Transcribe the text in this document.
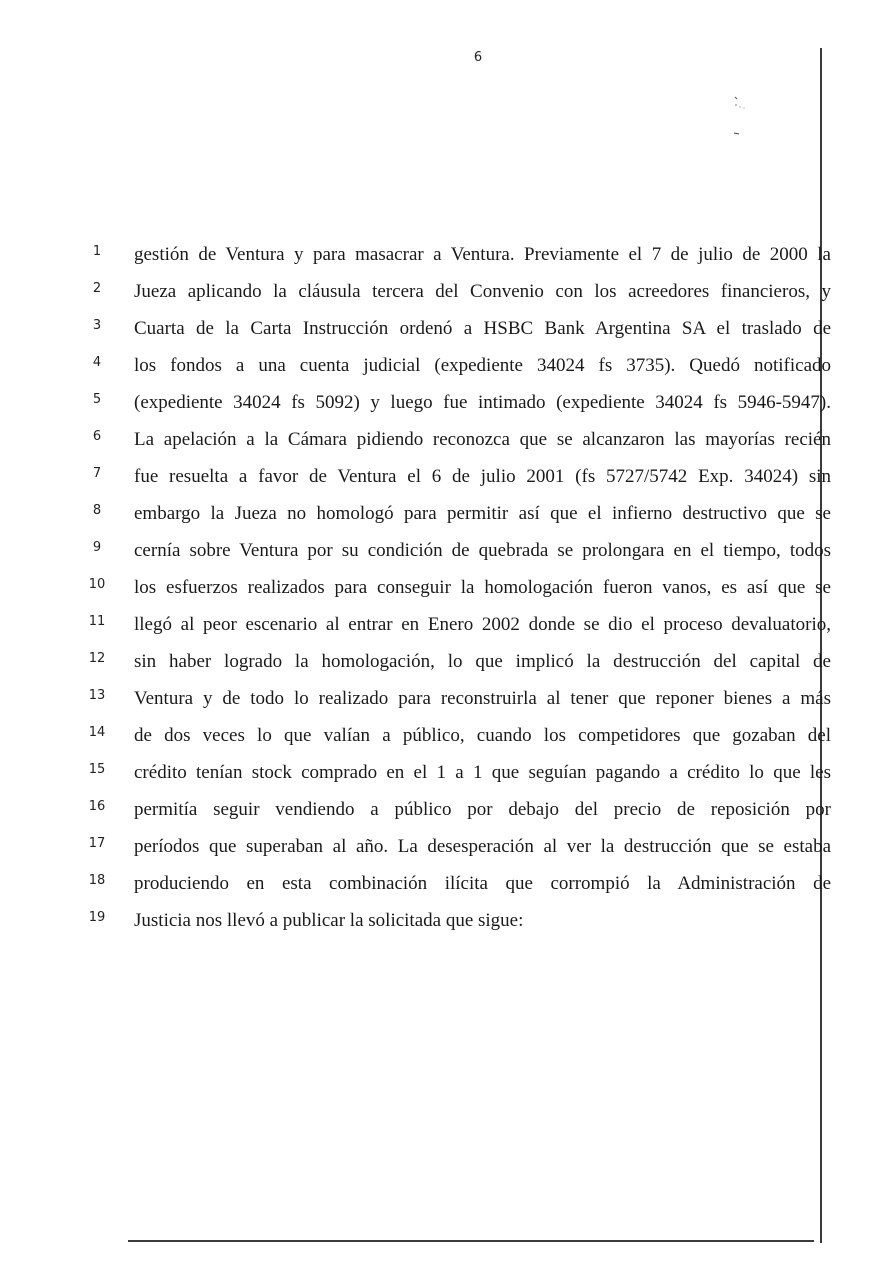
6
1	gestión de Ventura y para masacrar a Ventura. Previamente el 7 de julio de 2000 la
2	Jueza aplicando la cláusula tercera del Convenio con los acreedores financieros, y
3	Cuarta de la Carta Instrucción ordenó a HSBC Bank Argentina SA el traslado de
4	los fondos a una cuenta judicial (expediente 34024 fs 3735). Quedó notificado
5	(expediente 34024 fs 5092) y luego fue intimado (expediente 34024 fs 5946-5947).
6	La apelación a la Cámara pidiendo reconozca que se alcanzaron las mayorías recién
7	fue resuelta a favor de Ventura el 6 de julio 2001 (fs 5727/5742 Exp. 34024) sin
8	embargo la Jueza no homologó para permitir así que el infierno destructivo que se
9	cernía sobre Ventura por su condición de quebrada se prolongara en el tiempo, todos
10	los esfuerzos realizados para conseguir la homologación fueron vanos, es así que se
11	llegó al peor escenario al entrar en Enero 2002 donde se dio el proceso devaluatorio,
12	sin haber logrado la homologación, lo que implicó la destrucción del capital de
13	Ventura y de todo lo realizado para reconstruirla al tener que reponer bienes a más
14	de dos veces lo que valían a público, cuando los competidores que gozaban del
15	crédito tenían stock comprado en el 1 a 1 que seguían pagando a crédito lo que les
16	permitía seguir vendiendo a público por debajo del precio de reposición por
17	períodos que superaban al año. La desesperación al ver la destrucción que se estaba
18	produciendo en esta combinación ilícita que corrompió la Administración de
19	Justicia nos llevó a publicar la solicitada que sigue:
